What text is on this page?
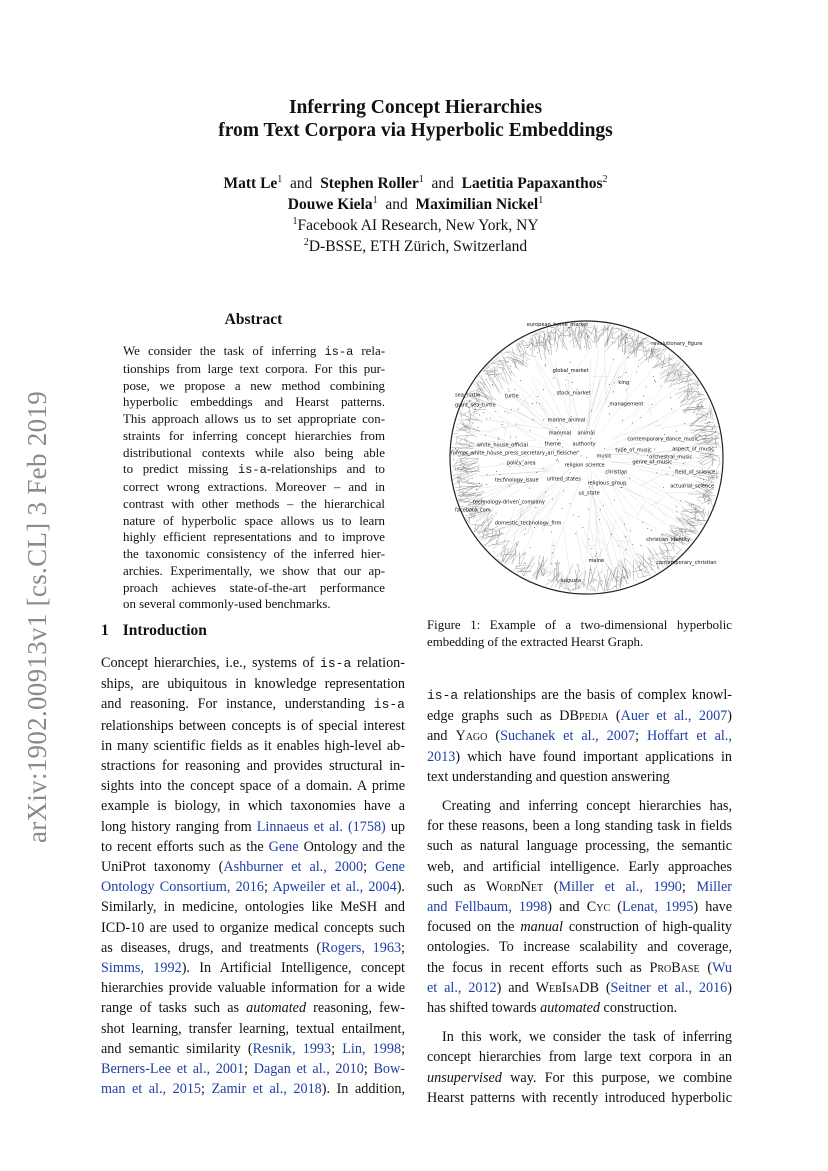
arXiv:1902.00913v1 [cs.CL] 3 Feb 2019
Inferring Concept Hierarchies
from Text Corpora via Hyperbolic Embeddings
Matt Le$^1$ and Stephen Roller$^1$ and Laetitia Papaxanthos$^2$
Douwe Kiela$^1$ and Maximilian Nickel$^1$
$^1$Facebook AI Research, New York, NY
$^2$D-BSSE, ETH Zürich, Switzerland
Abstract
We consider the task of inferring is-a rela-
tionships from large text corpora. For this pur-
pose, we propose a new method combining
hyperbolic embeddings and Hearst patterns.
This approach allows us to set appropriate con-
straints for inferring concept hierarchies from
distributional contexts while also being able
to predict missing is-a-relationships and to
correct wrong extractions. Moreover – and in
contrast with other methods – the hierarchical
nature of hyperbolic space allows us to learn
highly efficient representations and to improve
the taxonomic consistency of the inferred hier-
archies. Experimentally, we show that our ap-
proach achieves state-of-the-art performance
on several commonly-used benchmarks.
european_home_market
revolutionary_figure
global_market
king
sea_turtle	turtle	stock_market
giant_sea_turtle	management
marine_animal
mammal animal
contemporary_dance_music
white_house_official	theme authority
type_of_music	aspect_of_music
former_white_house_press_secretary_ari_fleischer	music	orchestral_music
policy_area	religion science	genre_of_music
christian	field_of_science
technology_issue united_states
religious_group	actuarial_science
us_state
technology-driven_company
facebook.com
domestic_technology_firm
christian_identity
maine	contemporary_christian
augusta
Figure 1: Example of a two-dimensional hyperbolic
embedding of the extracted Hearst Graph.
1 Introduction
Concept hierarchies, i.e., systems of is-a relation-
ships, are ubiquitous in knowledge representation
and reasoning. For instance, understanding is-a
relationships between concepts is of special interest
in many scientific fields as it enables high-level ab-
stractions for reasoning and provides structural in-
sights into the concept space of a domain. A prime
example is biology, in which taxonomies have a
long history ranging from Linnaeus et al. (1758) up
to recent efforts such as the Gene Ontology and the
UniProt taxonomy (Ashburner et al., 2000; Gene
Ontology Consortium, 2016; Apweiler et al., 2004).
Similarly, in medicine, ontologies like MeSH and
ICD-10 are used to organize medical concepts such
as diseases, drugs, and treatments (Rogers, 1963;
Simms, 1992). In Artificial Intelligence, concept
hierarchies provide valuable information for a wide
range of tasks such as automated reasoning, few-
shot learning, transfer learning, textual entailment,
and semantic similarity (Resnik, 1993; Lin, 1998;
Berners-Lee et al., 2001; Dagan et al., 2010; Bow-
man et al., 2015; Zamir et al., 2018). In addition,
is-a relationships are the basis of complex knowl-
edge graphs such as DBpedia (Auer et al., 2007)
and Yago (Suchanek et al., 2007; Hoffart et al.,
2013) which have found important applications in
text understanding and question answering
Creating and inferring concept hierarchies has,
for these reasons, been a long standing task in fields
such as natural language processing, the semantic
web, and artificial intelligence. Early approaches
such as WordNet (Miller et al., 1990; Miller
and Fellbaum, 1998) and Cyc (Lenat, 1995) have
focused on the manual construction of high-quality
ontologies. To increase scalability and coverage,
the focus in recent efforts such as ProBase (Wu
et al., 2012) and WebIsaDB (Seitner et al., 2016)
has shifted towards automated construction.
In this work, we consider the task of inferring
concept hierarchies from large text corpora in an
unsupervised way. For this purpose, we combine
Hearst patterns with recently introduced hyperbolic
